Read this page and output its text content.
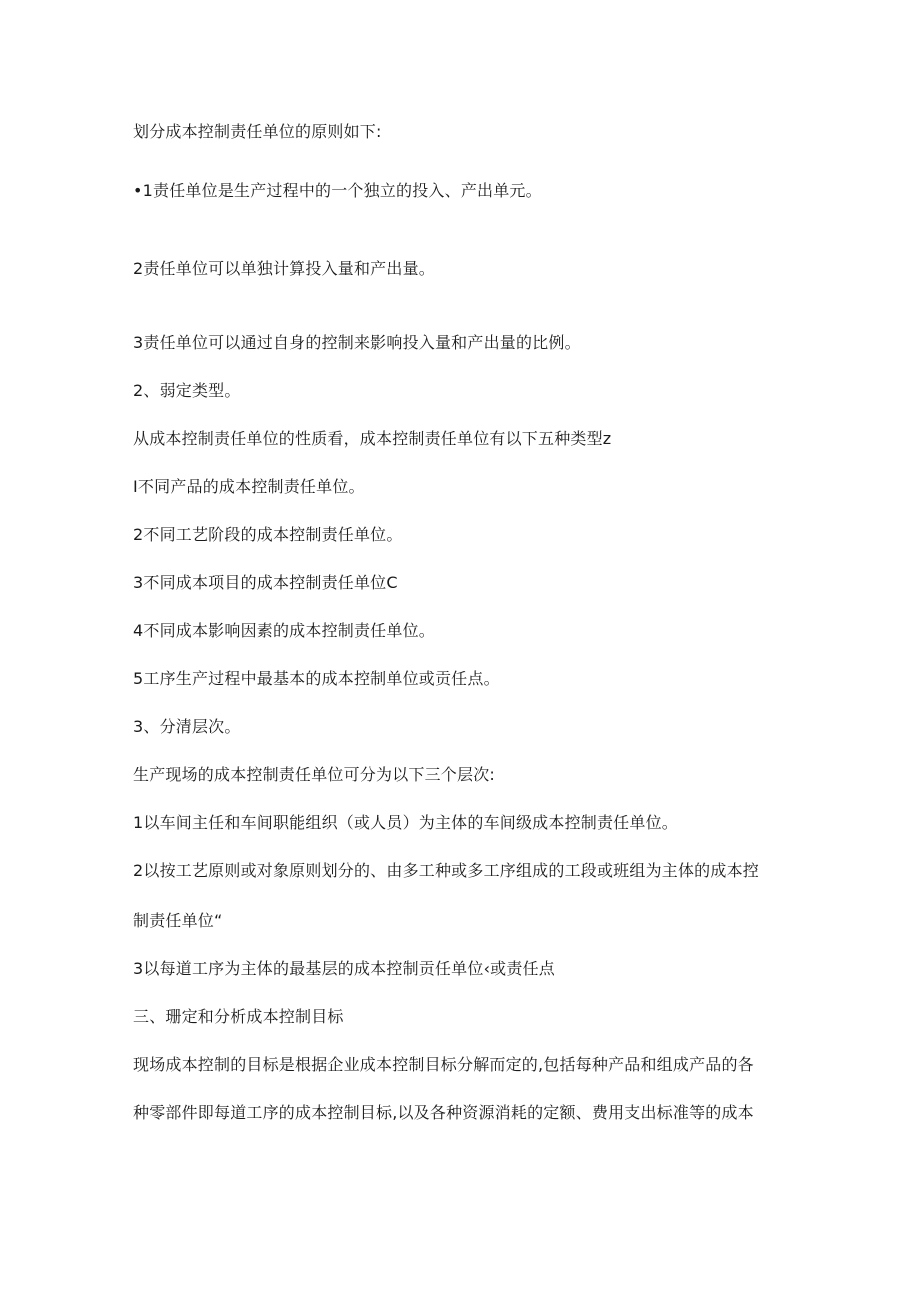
划分成本控制责任单位的原则如下:
•1责任单位是生产过程中的一个独立的投入、产出单元。
2责任单位可以单独计算投入量和产出量。
3责任单位可以通过自身的控制来影响投入量和产出量的比例。
2、弱定类型。
从成本控制责任单位的性质看，成本控制责任单位有以下五种类型z
I不同产品的成本控制责任单位。
2不同工艺阶段的成本控制责任单位。
3不同成本项目的成本控制责任单位C
4不同成本影响因素的成本控制责任单位。
5工序生产过程中最基本的成本控制单位或贡任点。
3、分清层次。
生产现场的成本控制责任单位可分为以下三个层次:
1以车间主任和车间职能组织（或人员）为主体的车间级成本控制责任单位。
2以按工艺原则或对象原则划分的、由多工种或多工序组成的工段或班组为主体的成本控
制责任单位“
3以每道工序为主体的最基层的成本控制贡任单位‹或责任点
三、珊定和分析成本控制目标
现场成本控制的目标是根据企业成本控制目标分解而定的,包括每种产品和组成产品的各
种零部件即每道工序的成本控制目标,以及各种资源消耗的定额、费用支出标准等的成本
